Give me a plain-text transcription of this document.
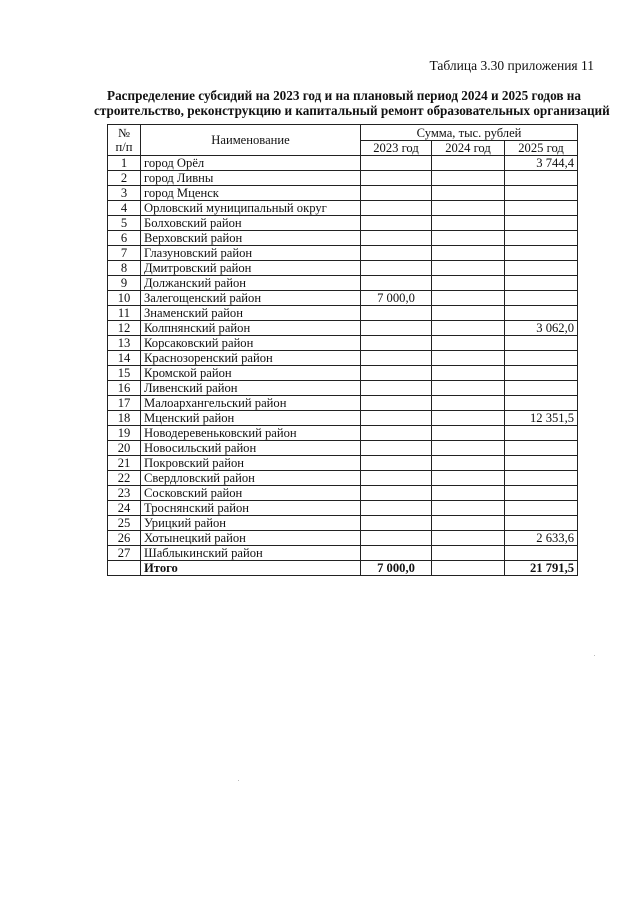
Таблица 3.30 приложения 11
Распределение субсидий на 2023 год и на плановый период 2024 и 2025 годов на
строительство, реконструкцию и капитальный ремонт образовательных организаций
№
п/п	Наименование	Сумма, тыс. рублей		
		2023 год	2024 год	2025 год
1	город Орёл			3 744,4
2	город Ливны			
3	город Мценск			
4	Орловский муниципальный округ			
5	Болховский район			
6	Верховский район			
7	Глазуновский район			
8	Дмитровский район			
9	Должанский район			
10	Залегощенский район	7 000,0		
11	Знаменский район			
12	Колпнянский район			3 062,0
13	Корсаковский район			
14	Краснозоренский район			
15	Кромской район			
16	Ливенский район			
17	Малоархангельский район			
18	Мценский район			12 351,5
19	Новодеревеньковский район			
20	Новосильский район			
21	Покровский район			
22	Свердловский район			
23	Сосковский район			
24	Троснянский район			
25	Урицкий район			
26	Хотынецкий район			2 633,6
27	Шаблыкинский район			
	Итого	7 000,0		21 791,5
